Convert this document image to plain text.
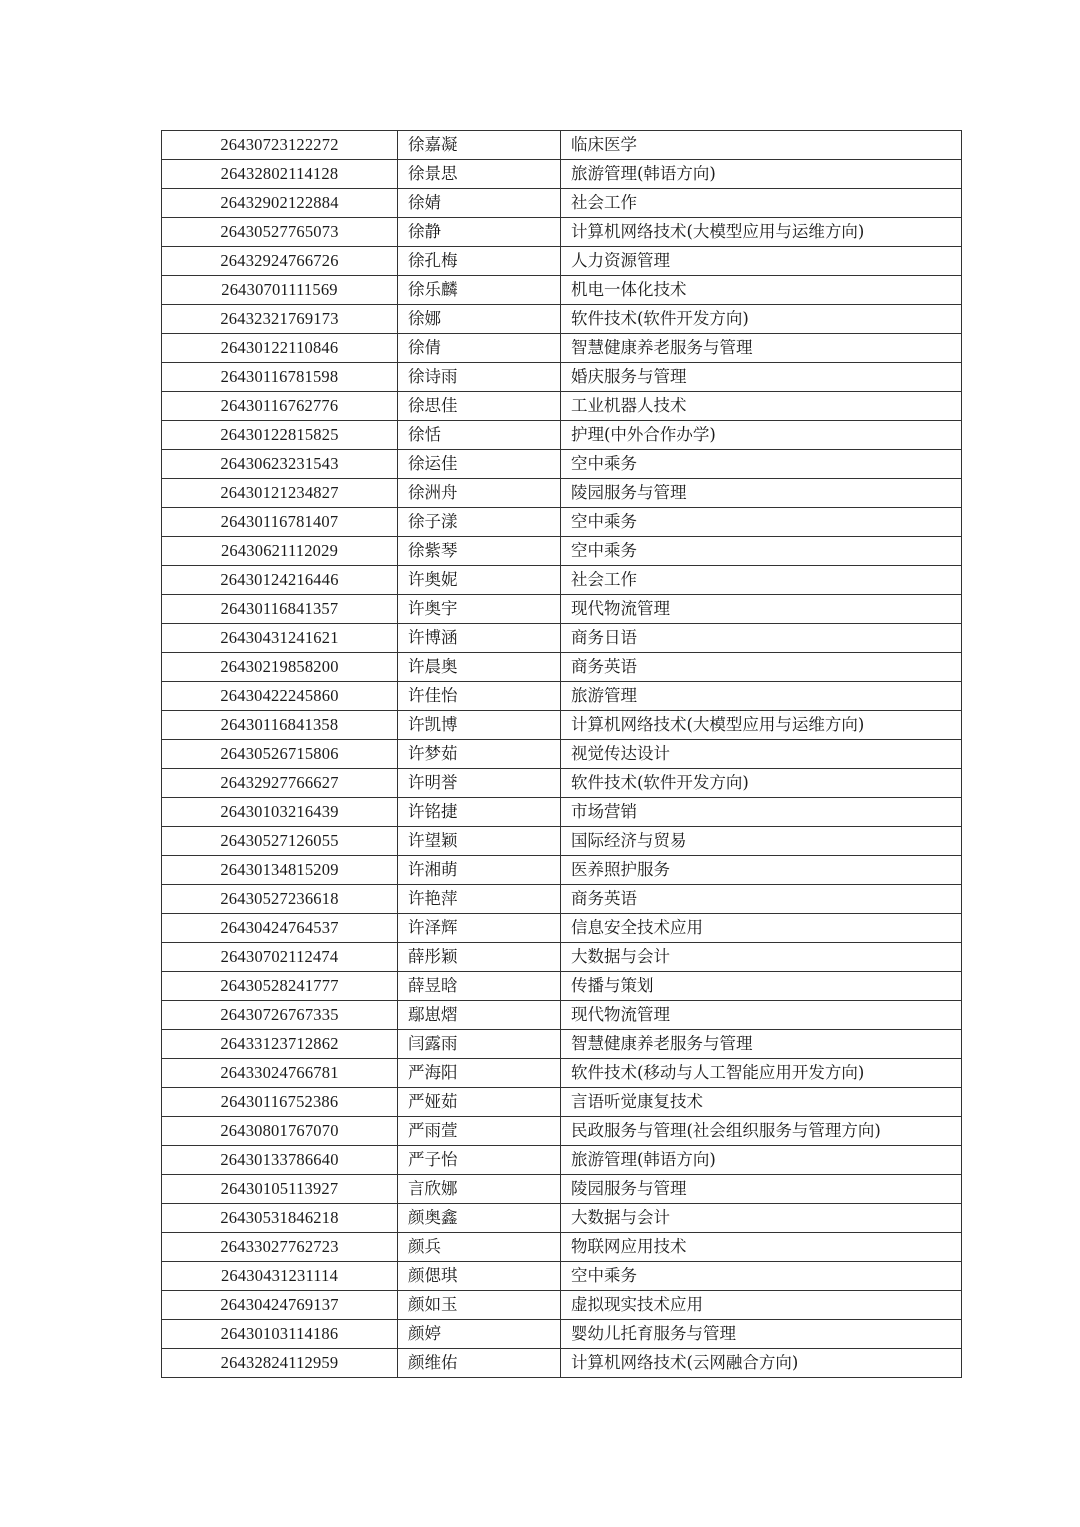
26430723122272	徐嘉凝	临床医学
26432802114128	徐景思	旅游管理(韩语方向)
26432902122884	徐婧	社会工作
26430527765073	徐静	计算机网络技术(大模型应用与运维方向)
26432924766726	徐孔梅	人力资源管理
26430701111569	徐乐麟	机电一体化技术
26432321769173	徐娜	软件技术(软件开发方向)
26430122110846	徐倩	智慧健康养老服务与管理
26430116781598	徐诗雨	婚庆服务与管理
26430116762776	徐思佳	工业机器人技术
26430122815825	徐恬	护理(中外合作办学)
26430623231543	徐运佳	空中乘务
26430121234827	徐洲舟	陵园服务与管理
26430116781407	徐子漾	空中乘务
26430621112029	徐紫琴	空中乘务
26430124216446	许奥妮	社会工作
26430116841357	许奥宇	现代物流管理
26430431241621	许博涵	商务日语
26430219858200	许晨奥	商务英语
26430422245860	许佳怡	旅游管理
26430116841358	许凯博	计算机网络技术(大模型应用与运维方向)
26430526715806	许梦茹	视觉传达设计
26432927766627	许明誉	软件技术(软件开发方向)
26430103216439	许铭捷	市场营销
26430527126055	许望颖	国际经济与贸易
26430134815209	许湘萌	医养照护服务
26430527236618	许艳萍	商务英语
26430424764537	许泽辉	信息安全技术应用
26430702112474	薛彤颖	大数据与会计
26430528241777	薛昱晗	传播与策划
26430726767335	鄢崽熠	现代物流管理
26433123712862	闫露雨	智慧健康养老服务与管理
26433024766781	严海阳	软件技术(移动与人工智能应用开发方向)
26430116752386	严娅茹	言语听觉康复技术
26430801767070	严雨萱	民政服务与管理(社会组织服务与管理方向)
26430133786640	严子怡	旅游管理(韩语方向)
26430105113927	言欣娜	陵园服务与管理
26430531846218	颜奥鑫	大数据与会计
26433027762723	颜兵	物联网应用技术
26430431231114	颜偲琪	空中乘务
26430424769137	颜如玉	虚拟现实技术应用
26430103114186	颜婷	婴幼儿托育服务与管理
26432824112959	颜维佑	计算机网络技术(云网融合方向)
